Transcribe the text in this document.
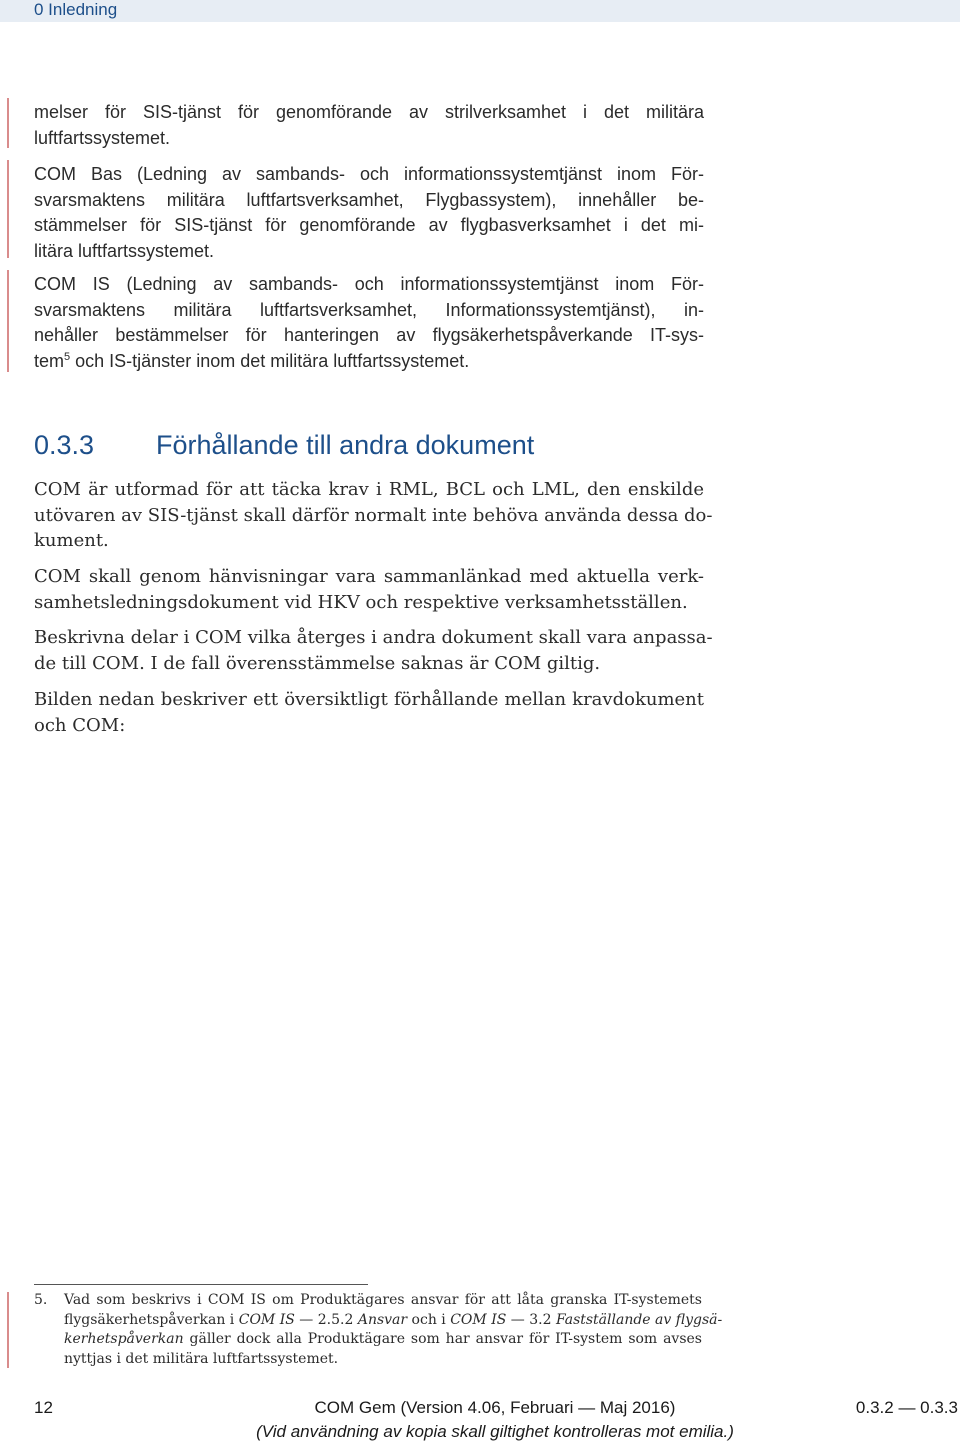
0 Inledning
melser för SIS-tjänst för genomförande av strilverksamhet i det militära
luftfartssystemet.
COM Bas (Ledning av sambands- och informationssystemtjänst inom För-
svarsmaktens militära luftfartsverksamhet, Flygbassystem), innehåller be-
stämmelser för SIS-tjänst för genomförande av flygbasverksamhet i det mi-
litära luftfartssystemet.
COM IS (Ledning av sambands- och informationssystemtjänst inom För-
svarsmaktens militära luftfartsverksamhet, Informationssystemtjänst), in-
nehåller bestämmelser för hanteringen av flygsäkerhetspåverkande IT-sys-
tem$^5$ och IS-tjänster inom det militära luftfartssystemet.
0.3.3 Förhållande till andra dokument
COM är utformad för att täcka krav i RML, BCL och LML, den enskilde
utövaren av SIS-tjänst skall därför normalt inte behöva använda dessa do-
kument.
COM skall genom hänvisningar vara sammanlänkad med aktuella verk-
samhetsledningsdokument vid HKV och respektive verksamhetsställen.
Beskrivna delar i COM vilka återges i andra dokument skall vara anpassa-
de till COM. I de fall överensstämmelse saknas är COM giltig.
Bilden nedan beskriver ett översiktligt förhållande mellan kravdokument
och COM:
5. Vad som beskrivs i COM IS om Produktägares ansvar för att låta granska IT-systemets
flygsäkerhetspåverkan i COM IS — 2.5.2 Ansvar och i COM IS — 3.2 Fastställande av flygsä-
kerhetspåverkan gäller dock alla Produktägare som har ansvar för IT-system som avses
nyttjas i det militära luftfartssystemet.
12	COM Gem (Version 4.06, Februari — Maj 2016)	0.3.2 — 0.3.3
(Vid användning av kopia skall giltighet kontrolleras mot emilia.)
